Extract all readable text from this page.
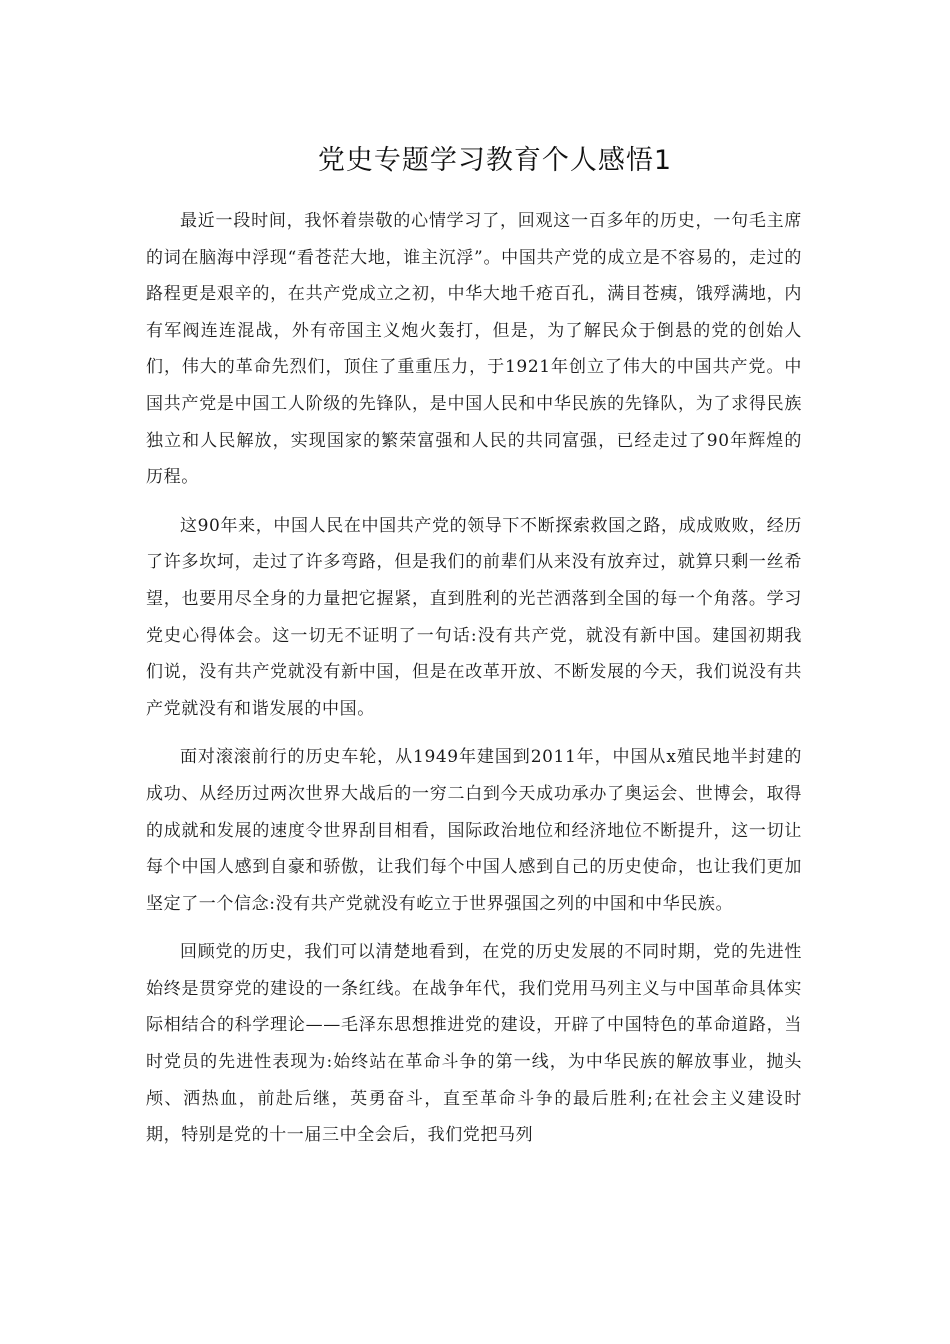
党史专题学习教育个人感悟1

最近一段时间，我怀着崇敬的心情学习了，回观这一百多年的历史，一句毛主席的词在脑海中浮现“看苍茫大地，谁主沉浮”。中国共产党的成立是不容易的，走过的路程更是艰辛的，在共产党成立之初，中华大地千疮百孔，满目苍痍，饿殍满地，内有军阀连连混战，外有帝国主义炮火轰打，但是，为了解民众于倒悬的党的创始人们，伟大的革命先烈们，顶住了重重压力，于1921年创立了伟大的中国共产党。中国共产党是中国工人阶级的先锋队，是中国人民和中华民族的先锋队，为了求得民族独立和人民解放，实现国家的繁荣富强和人民的共同富强，已经走过了90年辉煌的历程。

这90年来，中国人民在中国共产党的领导下不断探索救国之路，成成败败，经历了许多坎坷，走过了许多弯路，但是我们的前辈们从来没有放弃过，就算只剩一丝希望，也要用尽全身的力量把它握紧，直到胜利的光芒洒落到全国的每一个角落。学习党史心得体会。这一切无不证明了一句话:没有共产党，就没有新中国。建国初期我们说，没有共产党就没有新中国，但是在改革开放、不断发展的今天，我们说没有共产党就没有和谐发展的中国。

面对滚滚前行的历史车轮，从1949年建国到2011年，中国从x殖民地半封建的成功、从经历过两次世界大战后的一穷二白到今天成功承办了奥运会、世博会，取得的成就和发展的速度令世界刮目相看，国际政治地位和经济地位不断提升，这一切让每个中国人感到自豪和骄傲，让我们每个中国人感到自己的历史使命，也让我们更加坚定了一个信念:没有共产党就没有屹立于世界强国之列的中国和中华民族。

回顾党的历史，我们可以清楚地看到，在党的历史发展的不同时期，党的先进性始终是贯穿党的建设的一条红线。在战争年代，我们党用马列主义与中国革命具体实际相结合的科学理论——毛泽东思想推进党的建设，开辟了中国特色的革命道路，当时党员的先进性表现为:始终站在革命斗争的第一线，为中华民族的解放事业，抛头颅、洒热血，前赴后继，英勇奋斗，直至革命斗争的最后胜利;在社会主义建设时期，特别是党的十一届三中全会后，我们党把马列
